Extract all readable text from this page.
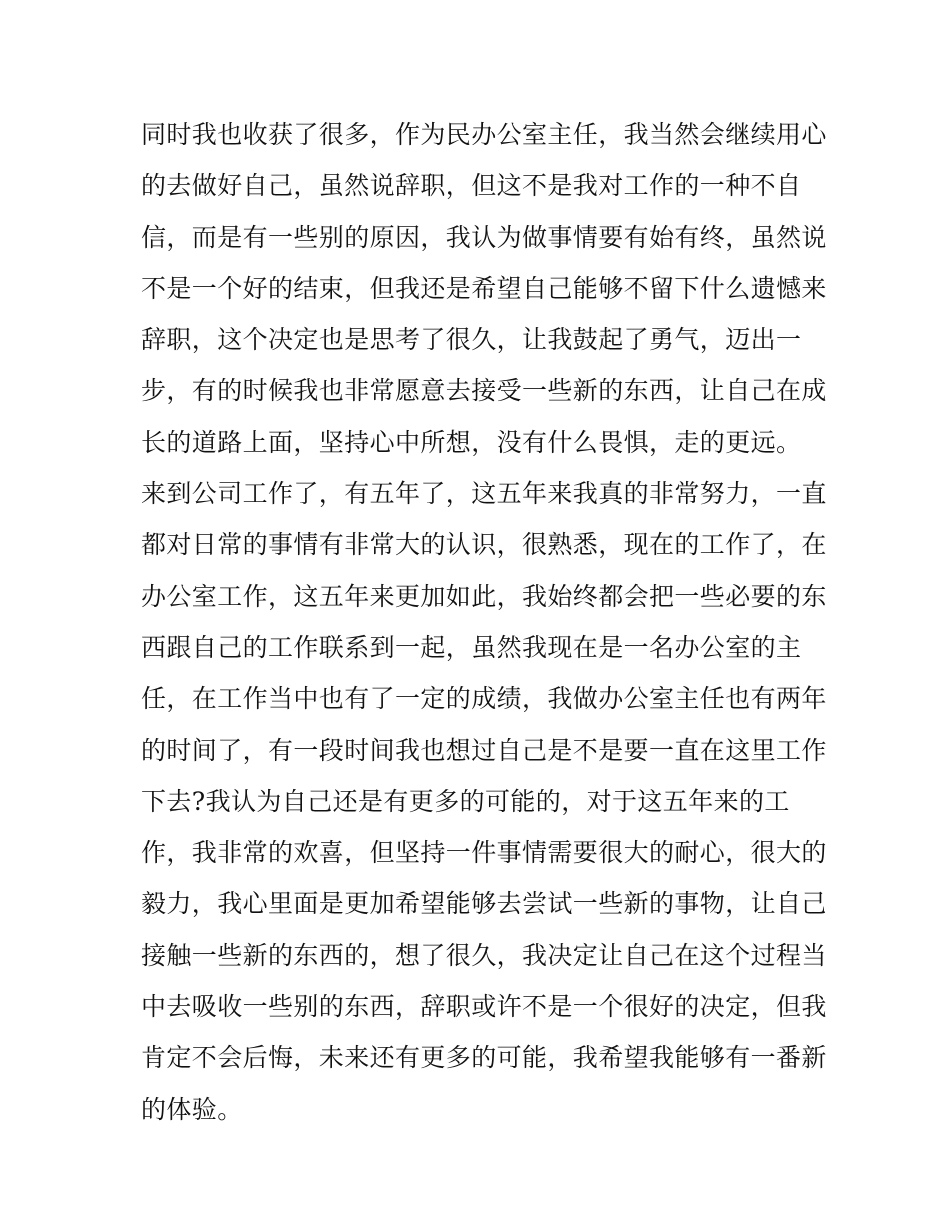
同时我也收获了很多，作为民办公室主任，我当然会继续用心
的去做好自己，虽然说辞职，但这不是我对工作的一种不自
信，而是有一些别的原因，我认为做事情要有始有终，虽然说
不是一个好的结束，但我还是希望自己能够不留下什么遗憾来
辞职，这个决定也是思考了很久，让我鼓起了勇气，迈出一
步，有的时候我也非常愿意去接受一些新的东西，让自己在成
长的道路上面，坚持心中所想，没有什么畏惧，走的更远。
来到公司工作了，有五年了，这五年来我真的非常努力，一直
都对日常的事情有非常大的认识，很熟悉，现在的工作了，在
办公室工作，这五年来更加如此，我始终都会把一些必要的东
西跟自己的工作联系到一起，虽然我现在是一名办公室的主
任，在工作当中也有了一定的成绩，我做办公室主任也有两年
的时间了，有一段时间我也想过自己是不是要一直在这里工作
下去?我认为自己还是有更多的可能的，对于这五年来的工
作，我非常的欢喜，但坚持一件事情需要很大的耐心，很大的
毅力，我心里面是更加希望能够去尝试一些新的事物，让自己
接触一些新的东西的，想了很久，我决定让自己在这个过程当
中去吸收一些别的东西，辞职或许不是一个很好的决定，但我
肯定不会后悔，未来还有更多的可能，我希望我能够有一番新
的体验。
